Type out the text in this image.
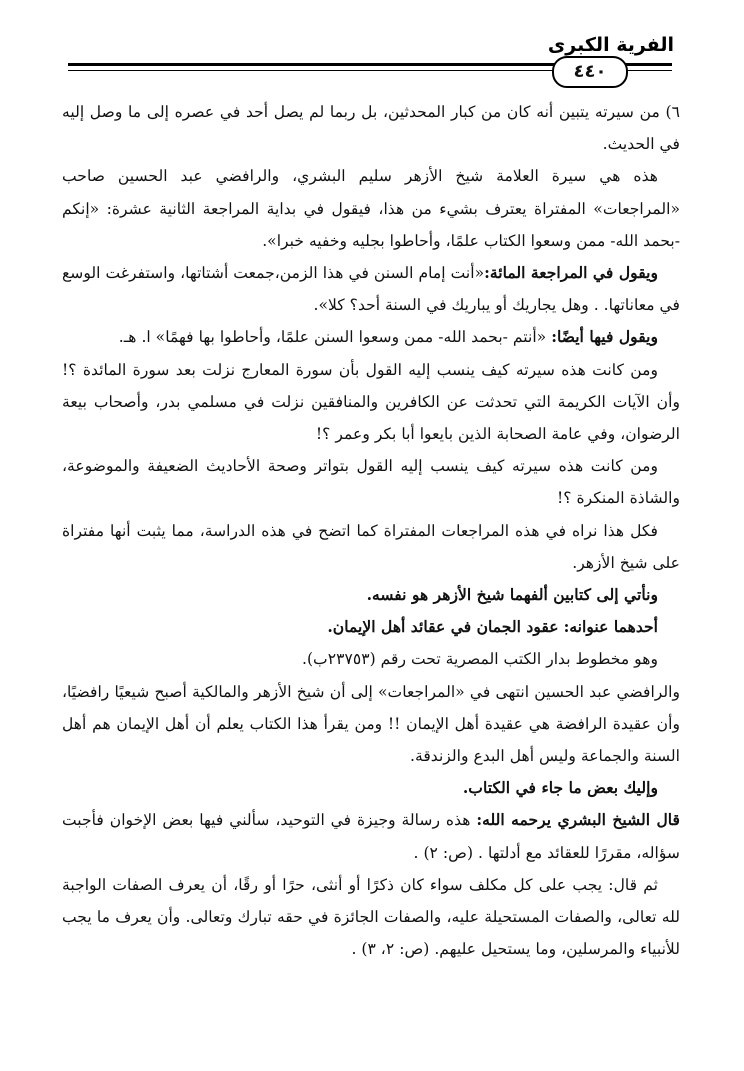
الفرية الكبرى
٤٤٠

٦) من سيرته يتبين أنه كان من كبار المحدثين، بل ربما لم يصل أحد في عصره إلى ما وصل إليه في الحديث.

هذه هي سيرة العلامة شيخ الأزهر سليم البشري، والرافضي عبد الحسين صاحب «المراجعات» المفتراة يعترف بشيء من هذا، فيقول في بداية المراجعة الثانية عشرة: «إنكم -بحمد الله- ممن وسعوا الكتاب علمًا، وأحاطوا بجليه وخفيه خبرا».

ويقول في المراجعة المائة:«أنت إمام السنن في هذا الزمن،جمعت أشتاتها، واستفرغت الوسع في معاناتها. . وهل يجاريك أو يباريك في السنة أحد؟ كلا».

ويقول فيها أيضًا: «أنتم -بحمد الله- ممن وسعوا السنن علمًا، وأحاطوا بها فهمًا» ا. هـ.

ومن كانت هذه سيرته كيف ينسب إليه القول بأن سورة المعارج نزلت بعد سورة المائدة ؟! وأن الآيات الكريمة التي تحدثت عن الكافرين والمنافقين نزلت في مسلمي بدر، وأصحاب بيعة الرضوان، وفي عامة الصحابة الذين بايعوا أبا بكر وعمر ؟!

ومن كانت هذه سيرته كيف ينسب إليه القول بتواتر وصحة الأحاديث الضعيفة والموضوعة، والشاذة المنكرة ؟!

فكل هذا نراه في هذه المراجعات المفتراة كما اتضح في هذه الدراسة، مما يثبت أنها مفتراة على شيخ الأزهر.

ونأتي إلى كتابين ألفهما شيخ الأزهر هو نفسه.

أحدهما عنوانه: عقود الجمان في عقائد أهل الإيمان.

وهو مخطوط بدار الكتب المصرية تحت رقم (٢٣٧٥٣ب).

والرافضي عبد الحسين انتهى في «المراجعات» إلى أن شيخ الأزهر والمالكية أصبح شيعيًا رافضيًا، وأن عقيدة الرافضة هي عقيدة أهل الإيمان !! ومن يقرأ هذا الكتاب يعلم أن أهل الإيمان هم أهل السنة والجماعة وليس أهل البدع والزندقة.

وإليك بعض ما جاء في الكتاب.

قال الشيخ البشري يرحمه الله: هذه رسالة وجيزة في التوحيد، سألني فيها بعض الإخوان فأجبت سؤاله، مقررًا للعقائد مع أدلتها . (ص: ٢) .

ثم قال: يجب على كل مكلف سواء كان ذكرًا أو أنثى، حرًا أو رقًا، أن يعرف الصفات الواجبة لله تعالى، والصفات المستحيلة عليه، والصفات الجائزة في حقه تبارك وتعالى. وأن يعرف ما يجب للأنبياء والمرسلين، وما يستحيل عليهم. (ص: ٢، ٣) .
